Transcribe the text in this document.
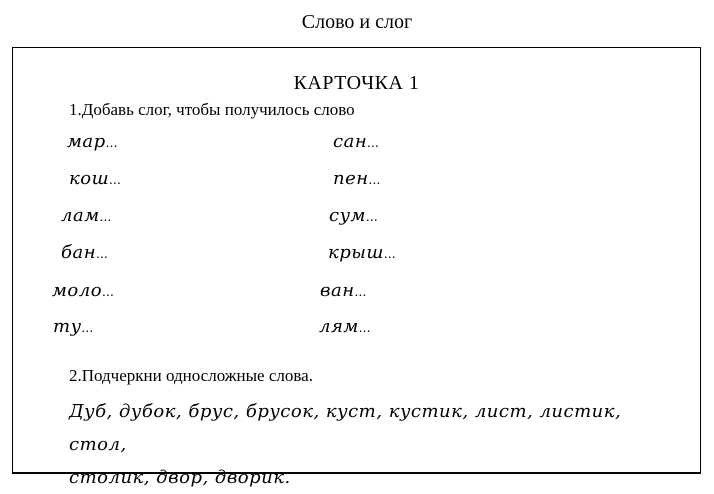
Слово и слог
КАРТОЧКА 1
1.Добавь слог, чтобы получилось слово
мар...
кош...
лам...
бан...
моло...
ту...
сан...
пен...
сум...
крыш...
ван...
лям...
2.Подчеркни односложные слова.
Дуб, дубок, брус, брусок, куст, кустик, лист, листик, стол,
столик, двор, дворик.
